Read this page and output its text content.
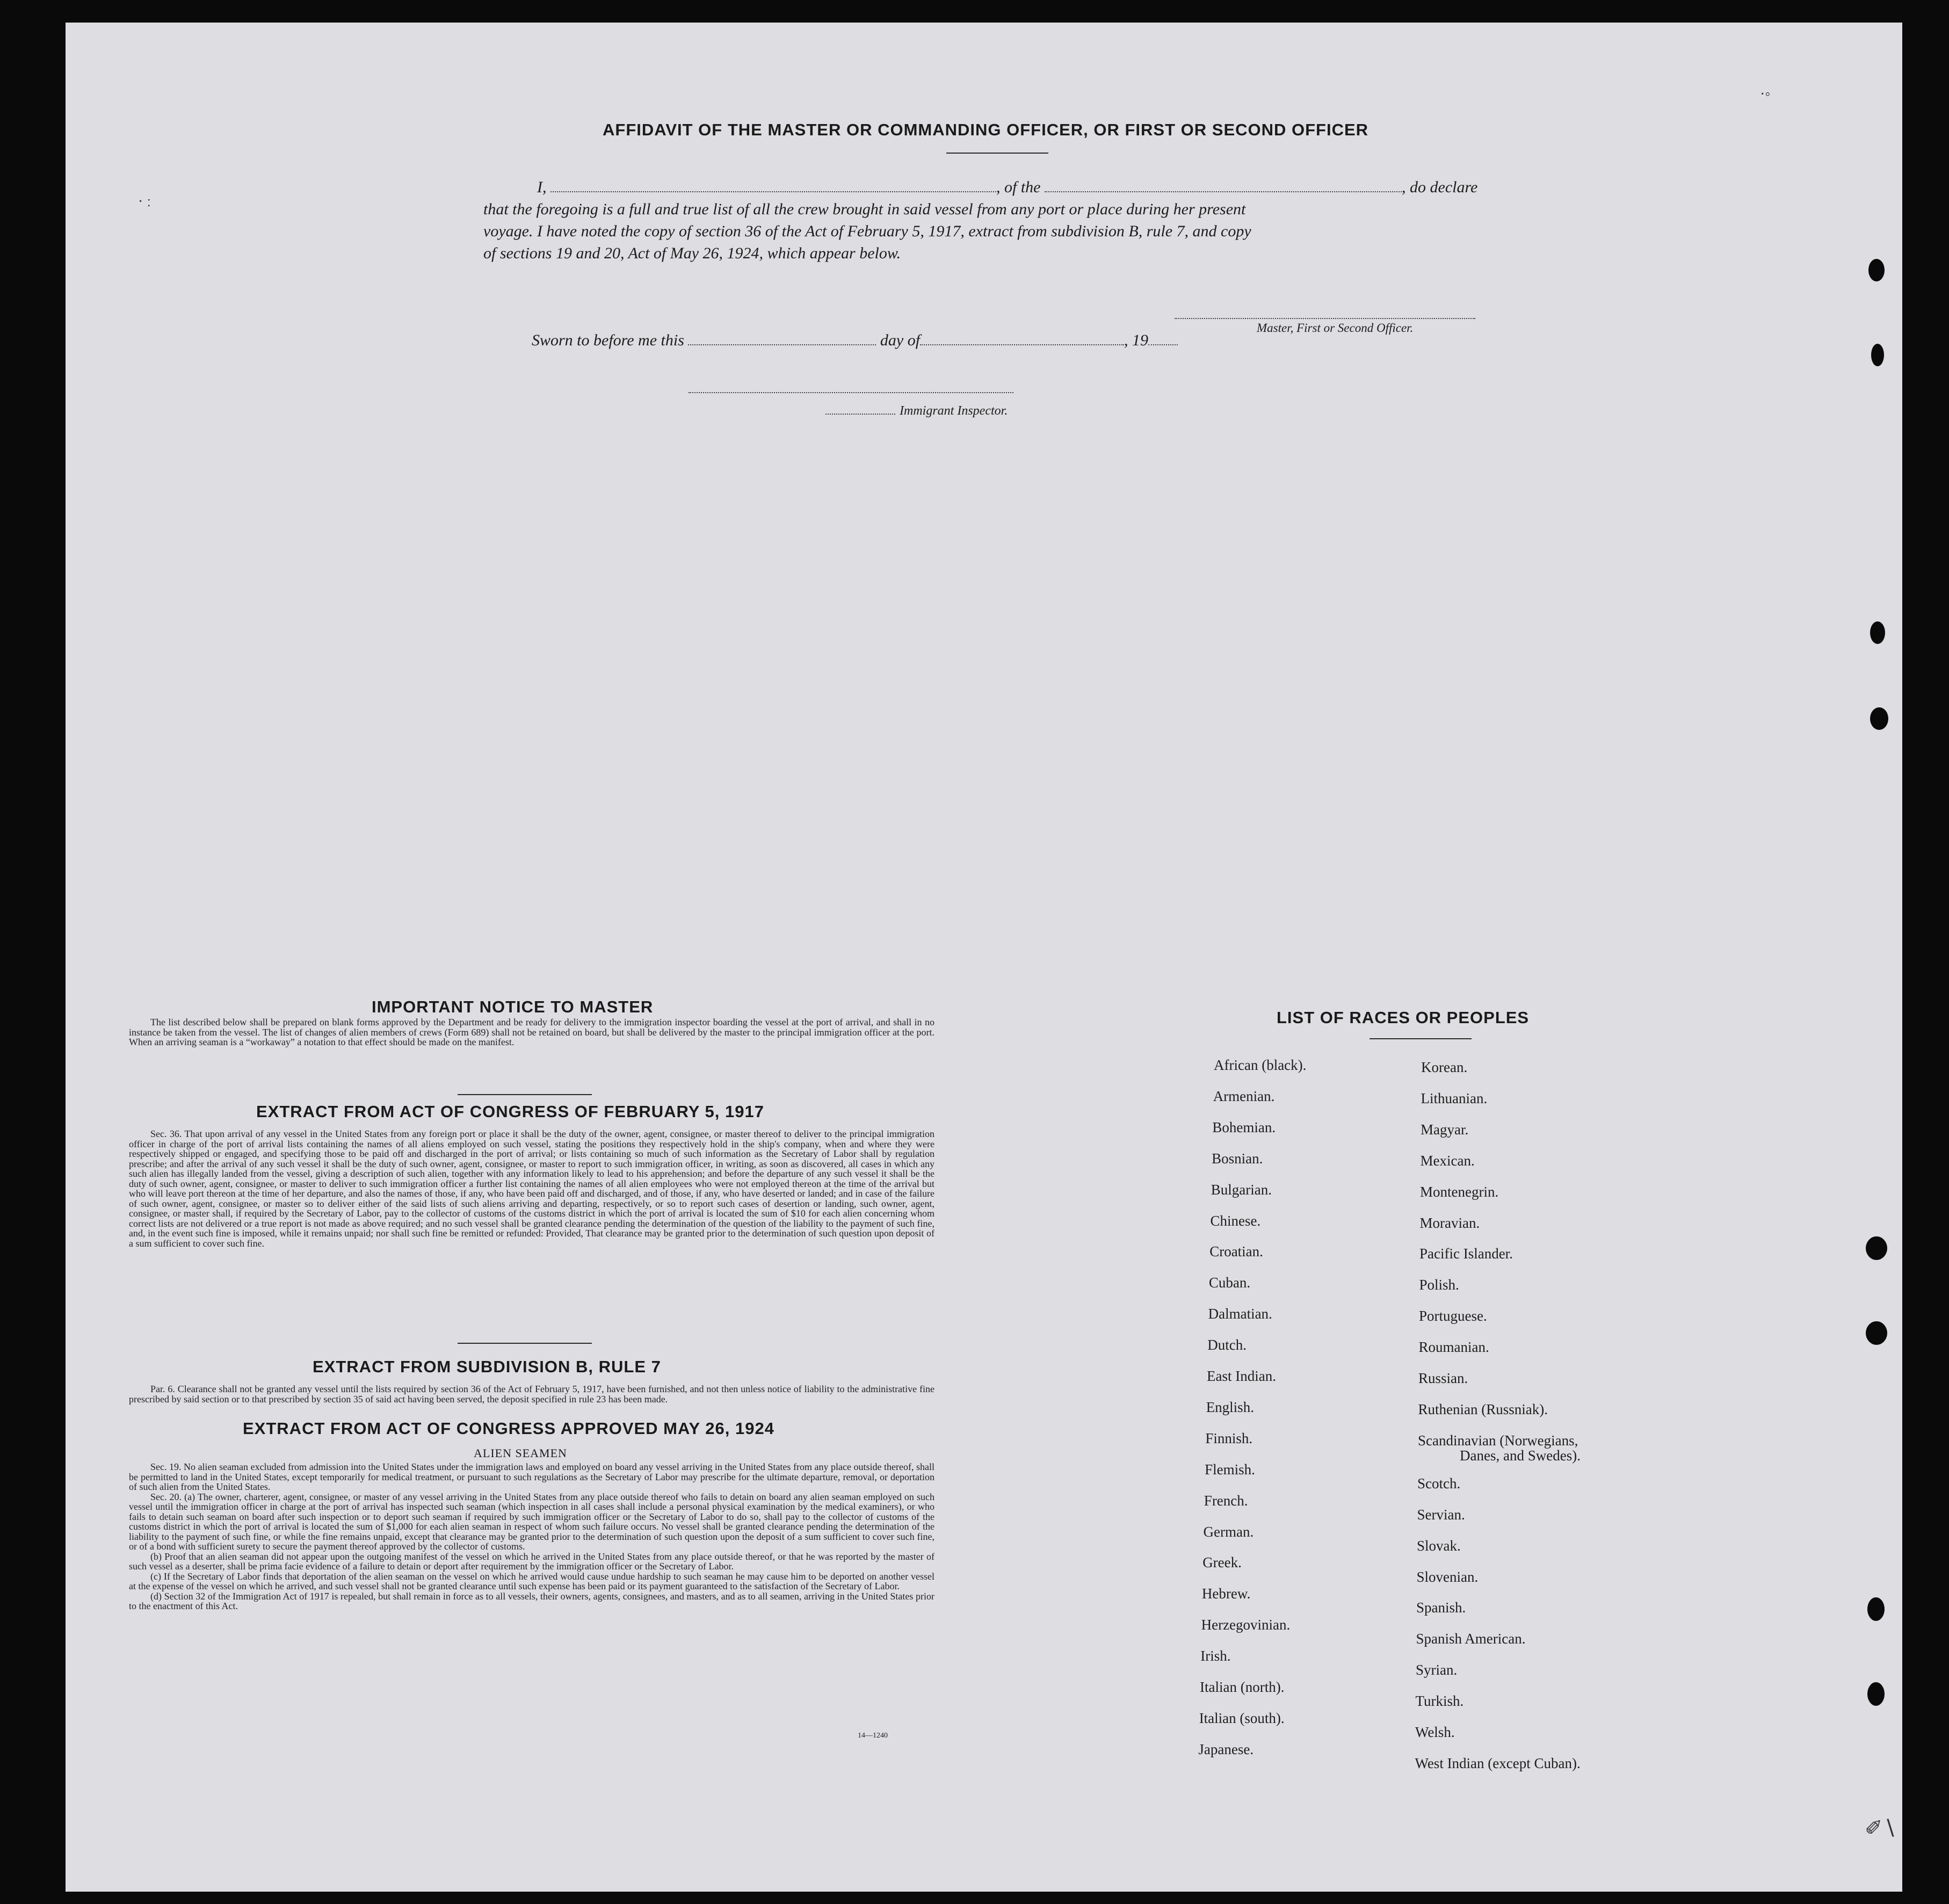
AFFIDAVIT OF THE MASTER OR COMMANDING OFFICER, OR FIRST OR SECOND OFFICER
I,	, of the	, do declare
that the foregoing is a full and true list of all the crew brought in said vessel from any port or place during her present
voyage. I have noted the copy of section 36 of the Act of February 5, 1917, extract from subdivision B, rule 7, and copy
of sections 19 and 20, Act of May 26, 1924, which appear below.
Master, First or Second Officer.
Sworn to before me this	day of	, 19
Immigrant Inspector.
IMPORTANT NOTICE TO MASTER

The list described below shall be prepared on blank forms approved by the Department and be ready for delivery to the immigration inspector boarding the vessel at the port of arrival, and shall in no instance be taken from the vessel. The list of changes of alien members of crews (Form 689) shall not be retained on board, but shall be delivered by the master to the principal immigration officer at the port. When an arriving seaman is a “workaway” a notation to that effect should be made on the manifest.

EXTRACT FROM ACT OF CONGRESS OF FEBRUARY 5, 1917

Sec. 36. That upon arrival of any vessel in the United States from any foreign port or place it shall be the duty of the owner, agent, consignee, or master thereof to deliver to the principal immigration officer in charge of the port of arrival lists containing the names of all aliens employed on such vessel, stating the positions they respectively hold in the ship's company, when and where they were respectively shipped or engaged, and specifying those to be paid off and discharged in the port of arrival; or lists containing so much of such information as the Secretary of Labor shall by regulation prescribe; and after the arrival of any such vessel it shall be the duty of such owner, agent, consignee, or master to report to such immigration officer, in writing, as soon as discovered, all cases in which any such alien has illegally landed from the vessel, giving a description of such alien, together with any information likely to lead to his apprehension; and before the departure of any such vessel it shall be the duty of such owner, agent, consignee, or master to deliver to such immigration officer a further list containing the names of all alien employees who were not employed thereon at the time of the arrival but who will leave port thereon at the time of her departure, and also the names of those, if any, who have been paid off and discharged, and of those, if any, who have deserted or landed; and in case of the failure of such owner, agent, consignee, or master so to deliver either of the said lists of such aliens arriving and departing, respectively, or so to report such cases of desertion or landing, such owner, agent, consignee, or master shall, if required by the Secretary of Labor, pay to the collector of customs of the customs district in which the port of arrival is located the sum of $10 for each alien concerning whom correct lists are not delivered or a true report is not made as above required; and no such vessel shall be granted clearance pending the determination of the question of the liability to the payment of such fine, and, in the event such fine is imposed, while it remains unpaid; nor shall such fine be remitted or refunded: Provided, That clearance may be granted prior to the determination of such question upon deposit of a sum sufficient to cover such fine.

EXTRACT FROM SUBDIVISION B, RULE 7

Par. 6. Clearance shall not be granted any vessel until the lists required by section 36 of the Act of February 5, 1917, have been furnished, and not then unless notice of liability to the administrative fine prescribed by said section or to that prescribed by section 35 of said act having been served, the deposit specified in rule 23 has been made.

EXTRACT FROM ACT OF CONGRESS APPROVED MAY 26, 1924
ALIEN SEAMEN

Sec. 19. No alien seaman excluded from admission into the United States under the immigration laws and employed on board any vessel arriving in the United States from any place outside thereof, shall be permitted to land in the United States, except temporarily for medical treatment, or pursuant to such regulations as the Secretary of Labor may prescribe for the ultimate departure, removal, or deportation of such alien from the United States.

Sec. 20. (a) The owner, charterer, agent, consignee, or master of any vessel arriving in the United States from any place outside thereof who fails to detain on board any alien seaman employed on such vessel until the immigration officer in charge at the port of arrival has inspected such seaman (which inspection in all cases shall include a personal physical examination by the medical examiners), or who fails to detain such seaman on board after such inspection or to deport such seaman if required by such immigration officer or the Secretary of Labor to do so, shall pay to the collector of customs of the customs district in which the port of arrival is located the sum of $1,000 for each alien seaman in respect of whom such failure occurs. No vessel shall be granted clearance pending the determination of the liability to the payment of such fine, or while the fine remains unpaid, except that clearance may be granted prior to the determination of such question upon the deposit of a sum sufficient to cover such fine, or of a bond with sufficient surety to secure the payment thereof approved by the collector of customs.

(b) Proof that an alien seaman did not appear upon the outgoing manifest of the vessel on which he arrived in the United States from any place outside thereof, or that he was reported by the master of such vessel as a deserter, shall be prima facie evidence of a failure to detain or deport after requirement by the immigration officer or the Secretary of Labor.

(c) If the Secretary of Labor finds that deportation of the alien seaman on the vessel on which he arrived would cause undue hardship to such seaman he may cause him to be deported on another vessel at the expense of the vessel on which he arrived, and such vessel shall not be granted clearance until such expense has been paid or its payment guaranteed to the satisfaction of the Secretary of Labor.

(d) Section 32 of the Immigration Act of 1917 is repealed, but shall remain in force as to all vessels, their owners, agents, consignees, and masters, and as to all seamen, arriving in the United States prior to the enactment of this Act.

14—1240
LIST OF RACES OR PEOPLES
African (black).
Armenian.
Bohemian.
Bosnian.
Bulgarian.
Chinese.
Croatian.
Cuban.
Dalmatian.
Dutch.
East Indian.
English.
Finnish.
Flemish.
French.
German.
Greek.
Hebrew.
Herzegovinian.
Irish.
Italian (north).
Italian (south).
Japanese.
Korean.
Lithuanian.
Magyar.
Mexican.
Montenegrin.
Moravian.
Pacific Islander.
Polish.
Portuguese.
Roumanian.
Russian.
Ruthenian (Russniak).
Scandinavian (Norwegians,
Danes, and Swedes).
Scotch.
Servian.
Slovak.
Slovenian.
Spanish.
Spanish American.
Syrian.
Turkish.
Welsh.
West Indian (except Cuban).
·◦
· ː
✐∖
